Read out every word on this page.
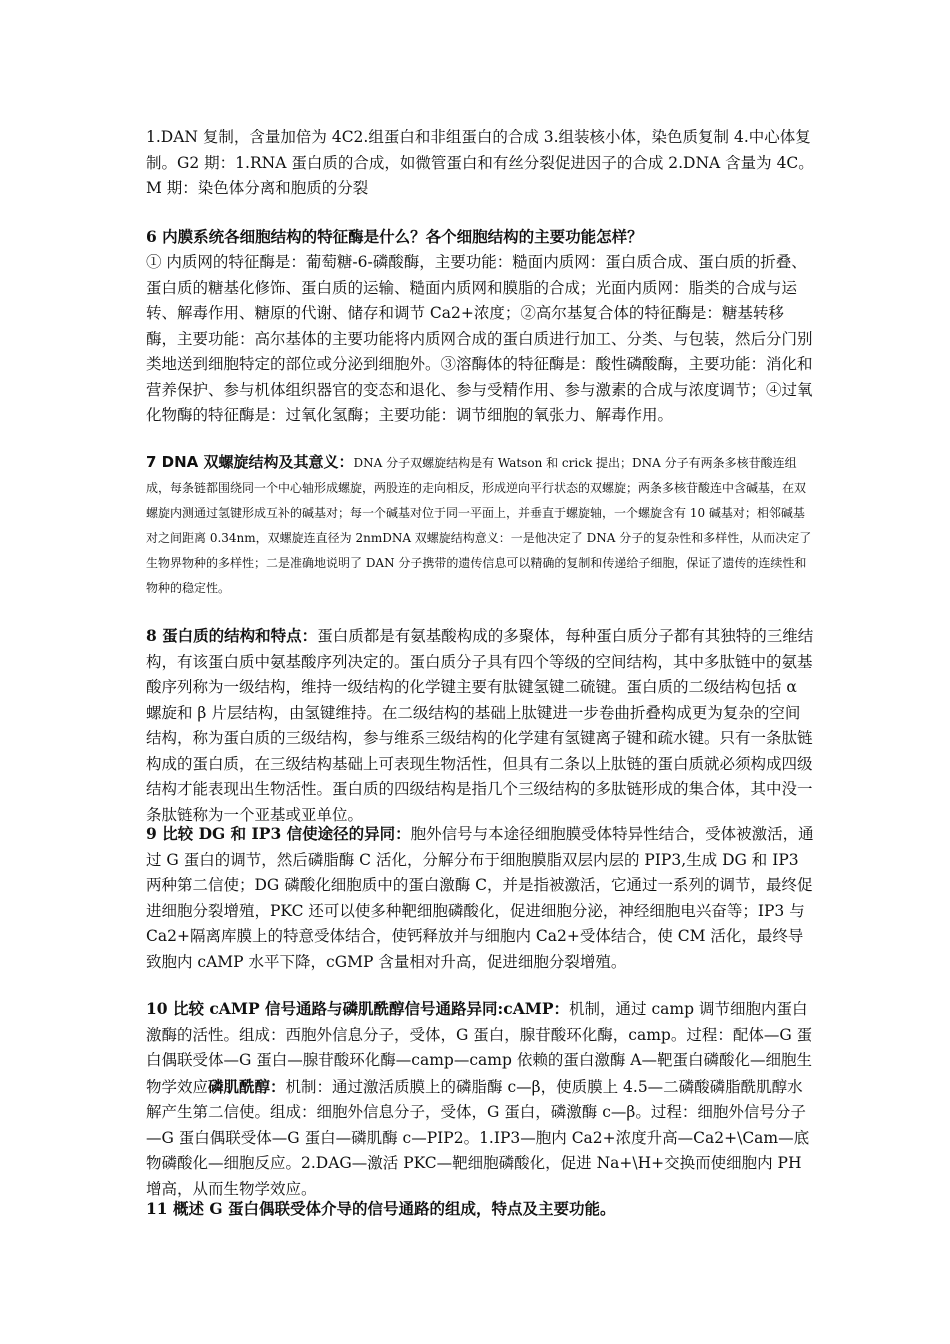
1.DAN 复制，含量加倍为 4C2.组蛋白和非组蛋白的合成 3.组装核小体，染色质复制 4.中心体复制。G2 期：1.RNA 蛋白质的合成，如微管蛋白和有丝分裂促进因子的合成 2.DNA 含量为 4C。M 期：染色体分离和胞质的分裂

6 内膜系统各细胞结构的特征酶是什么？各个细胞结构的主要功能怎样？

① 内质网的特征酶是：葡萄糖-6-磷酸酶，主要功能：糙面内质网：蛋白质合成、蛋白质的折叠、蛋白质的糖基化修饰、蛋白质的运输、糙面内质网和膜脂的合成；光面内质网：脂类的合成与运转、解毒作用、糖原的代谢、储存和调节 Ca2+浓度；②高尔基复合体的特征酶是：糖基转移酶，主要功能：高尔基体的主要功能将内质网合成的蛋白质进行加工、分类、与包装，然后分门别类地送到细胞特定的部位或分泌到细胞外。③溶酶体的特征酶是：酸性磷酸酶，主要功能：消化和营养保护、参与机体组织器官的变态和退化、参与受精作用、参与激素的合成与浓度调节；④过氧化物酶的特征酶是：过氧化氢酶；主要功能：调节细胞的氧张力、解毒作用。

7 DNA 双螺旋结构及其意义：DNA 分子双螺旋结构是有 Watson 和 crick 提出；DNA 分子有两条多核苷酸连组成，每条链都围绕同一个中心轴形成螺旋，两股连的走向相反，形成逆向平行状态的双螺旋；两条多核苷酸连中含碱基，在双螺旋内测通过氢键形成互补的碱基对；每一个碱基对位于同一平面上，并垂直于螺旋轴，一个螺旋含有 10 碱基对；相邻碱基对之间距离 0.34nm，双螺旋连直径为 2nmDNA 双螺旋结构意义：一是他决定了 DNA 分子的复杂性和多样性，从而决定了生物界物种的多样性；二是准确地说明了 DAN 分子携带的遗传信息可以精确的复制和传递给子细胞，保证了遗传的连续性和物种的稳定性。

8 蛋白质的结构和特点：蛋白质都是有氨基酸构成的多聚体，每种蛋白质分子都有其独特的三维结构，有该蛋白质中氨基酸序列决定的。蛋白质分子具有四个等级的空间结构，其中多肽链中的氨基酸序列称为一级结构，维持一级结构的化学键主要有肽键氢键二硫键。蛋白质的二级结构包括 α 螺旋和 β 片层结构，由氢键维持。在二级结构的基础上肽键进一步卷曲折叠构成更为复杂的空间结构，称为蛋白质的三级结构，参与维系三级结构的化学建有氢键离子键和疏水键。只有一条肽链构成的蛋白质，在三级结构基础上可表现生物活性，但具有二条以上肽链的蛋白质就必须构成四级结构才能表现出生物活性。蛋白质的四级结构是指几个三级结构的多肽链形成的集合体，其中没一条肽链称为一个亚基或亚单位。

9 比较 DG 和 IP3 信使途径的异同：胞外信号与本途径细胞膜受体特异性结合，受体被激活，通过 G 蛋白的调节，然后磷脂酶 C 活化，分解分布于细胞膜脂双层内层的 PIP3,生成 DG 和 IP3 两种第二信使；DG 磷酸化细胞质中的蛋白激酶 C，并是指被激活，它通过一系列的调节，最终促进细胞分裂增殖，PKC 还可以使多种靶细胞磷酸化，促进细胞分泌，神经细胞电兴奋等；IP3 与 Ca2+隔离库膜上的特意受体结合，使钙释放并与细胞内 Ca2+受体结合，使 CM 活化，最终导致胞内 cAMP 水平下降，cGMP 含量相对升高，促进细胞分裂增殖。

10 比较 cAMP 信号通路与磷肌酰醇信号通路异同:cAMP：机制，通过 camp 调节细胞内蛋白激酶的活性。组成：西胞外信息分子，受体，G 蛋白，腺苷酸环化酶，camp。过程：配体—G 蛋白偶联受体—G 蛋白—腺苷酸环化酶—camp—camp 依赖的蛋白激酶 A—靶蛋白磷酸化—细胞生物学效应磷肌酰醇：机制：通过激活质膜上的磷脂酶 c—β，使质膜上 4.5—二磷酸磷脂酰肌醇水解产生第二信使。组成：细胞外信息分子，受体，G 蛋白，磷激酶 c—β。过程：细胞外信号分子—G 蛋白偶联受体—G 蛋白—磷肌酶 c—PIP2。1.IP3—胞内 Ca2+浓度升高—Ca2+\Cam—底物磷酸化—细胞反应。2.DAG—激活 PKC—靶细胞磷酸化，促进 Na+\H+交换而使细胞内 PH 增高，从而生物学效应。

11 概述 G 蛋白偶联受体介导的信号通路的组成，特点及主要功能。
